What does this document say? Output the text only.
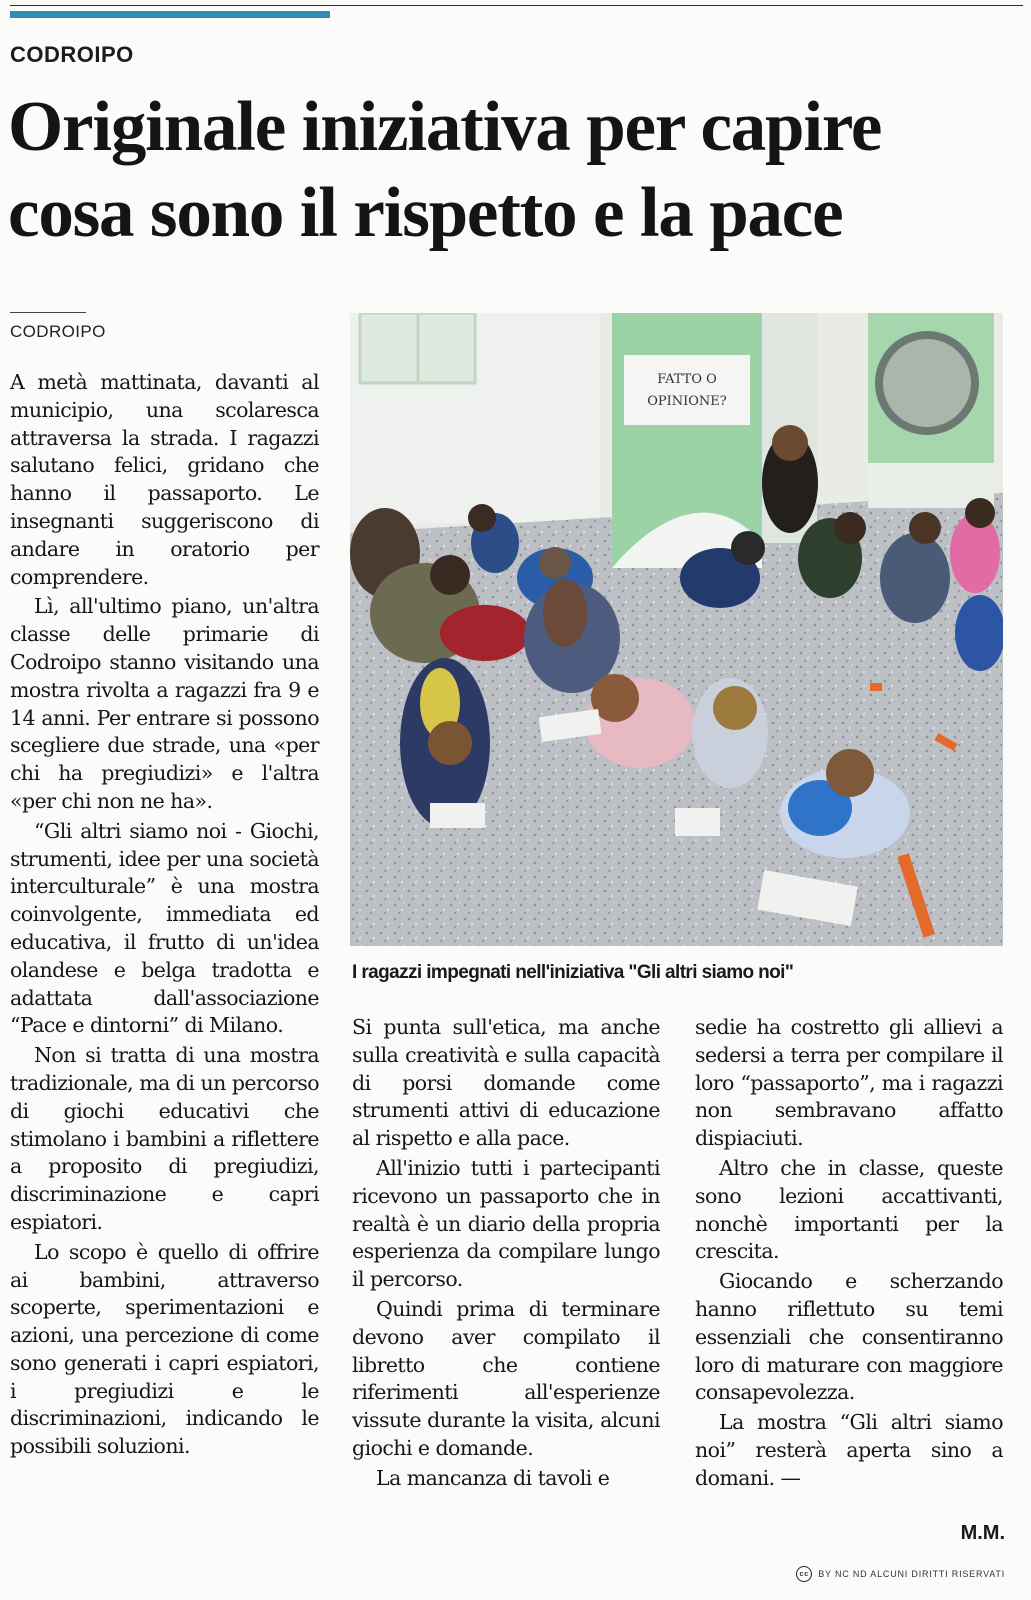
CODROIPO
Originale iniziativa per capire
cosa sono il rispetto e la pace
CODROIPO

A metà mattinata, davanti al municipio, una scolaresca attraversa la strada. I ragazzi salutano felici, gridano che hanno il passaporto. Le insegnanti suggeriscono di andare in oratorio per comprendere.

Lì, all'ultimo piano, un'altra classe delle primarie di Codroipo stanno visitando una mostra rivolta a ragazzi fra 9 e 14 anni. Per entrare si possono scegliere due strade, una «per chi ha pregiudizi» e l'altra «per chi non ne ha».

“Gli altri siamo noi - Giochi, strumenti, idee per una società interculturale” è una mostra coinvolgente, immediata ed educativa, il frutto di un'idea olandese e belga tradotta e adattata dall'associazione “Pace e dintorni” di Milano.

Non si tratta di una mostra tradizionale, ma di un percorso di giochi educativi che stimolano i bambini a riflettere a proposito di pregiudizi, discriminazione e capri espiatori.

Lo scopo è quello di offrire ai bambini, attraverso scoperte, sperimentazioni e azioni, una percezione di come sono generati i capri espiatori, i pregiudizi e le discriminazioni, indicando le possibili soluzioni.

FATTO O
OPINIONE?
I ragazzi impegnati nell'iniziativa "Gli altri siamo noi"

Si punta sull'etica, ma anche sulla creatività e sulla capacità di porsi domande come strumenti attivi di educazione al rispetto e alla pace.

All'inizio tutti i partecipanti ricevono un passaporto che in realtà è un diario della propria esperienza da compilare lungo il percorso.

Quindi prima di terminare devono aver compilato il libretto che contiene riferimenti all'esperienze vissute durante la visita, alcuni giochi e domande.

La mancanza di tavoli e

sedie ha costretto gli allievi a sedersi a terra per compilare il loro “passaporto”, ma i ragazzi non sembravano affatto dispiaciuti.

Altro che in classe, queste sono lezioni accattivanti, nonchè importanti per la crescita.

Giocando e scherzando hanno riflettuto su temi essenziali che consentiranno loro di maturare con maggiore consapevolezza.

La mostra “Gli altri siamo noi” resterà aperta sino a domani. —

M.M.
cc	BY NC ND ALCUNI DIRITTI RISERVATI
